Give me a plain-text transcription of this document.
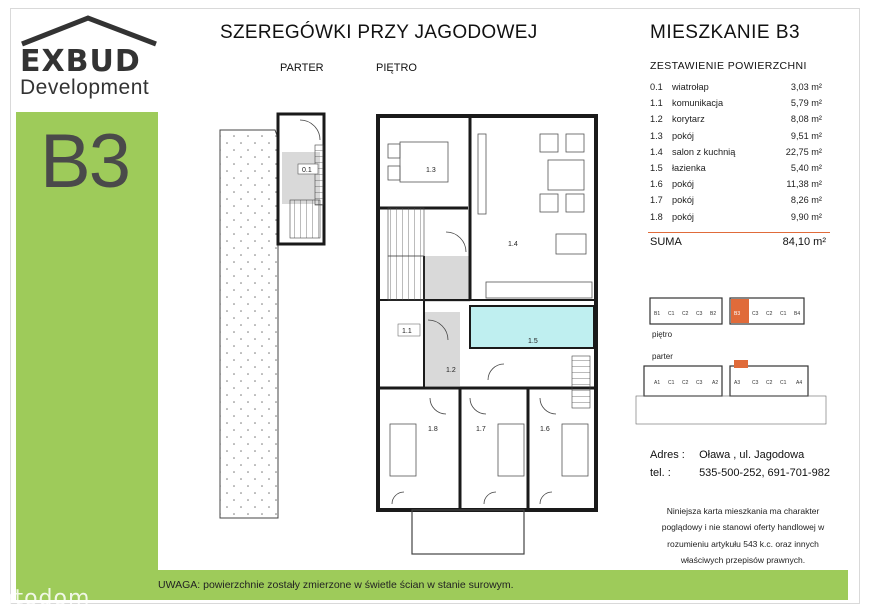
EXBUD
Development
B3
SZEREGÓWKI PRZY JAGODOWEJ	MIESZKANIE B3
PARTER	PIĘTRO
0.1	1.3
1.4
1.1
1.2
1.5
1.8	1.7	1.6
B1 C1 C2 C3 B2	B3 C3 C2 C1 B4
A1 C1 C2 C3 A2	A3 C3 C2 C1 A4
piętro
parter
ZESTAWIENIE POWIERZCHNI
0.1 wiatrołap	3,03 m²
1.1 komunikacja	5,79 m²
1.2 korytarz	8,08 m²
1.3 pokój	9,51 m²
1.4 salon z kuchnią	22,75 m²
1.5 łazienka	5,40 m²
1.6 pokój	11,38 m²
1.7 pokój	8,26 m²
1.8 pokój	9,90 m²
SUMA	84,10 m²
Adres : Oława , ul. Jagodowa
tel. :	535-500-252, 691-701-982
Niniejsza karta mieszkania ma charakter poglądowy i nie stanowi oferty handlowej w rozumieniu artykułu 543 k.c. oraz innych właściwych przepisów prawnych.
UWAGA: powierzchnie zostały zmierzone w świetle ścian w stanie surowym.
otodom
